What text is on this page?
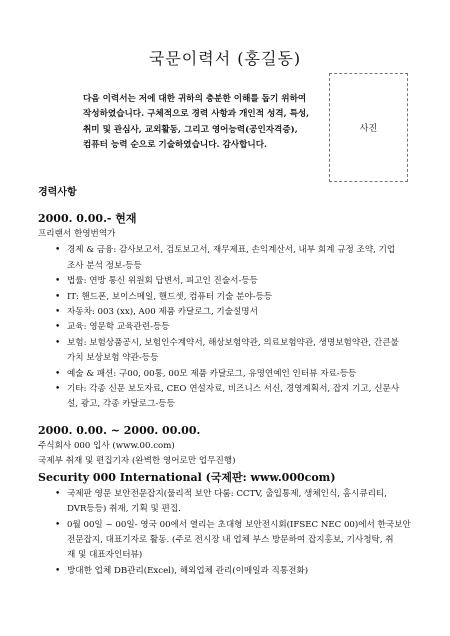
국문이력서 (홍길동)
다음 이력서는 저에 대한 귀하의 충분한 이해를 돕기 위하여
작성하였습니다. 구체적으로 경력 사항과 개인적 성격, 특성,
취미 및 관심사, 교외활동, 그리고 영어능력(공인자격증),
컴퓨터 능력 순으로 기술하였습니다. 감사합니다.
사진
경력사항
2000. 0.00.- 현재
프리랜서 한영번역가
• 경제 & 금융: 감사보고서, 검토보고서, 재무제표, 손익계산서, 내부 회계 규정 조약, 기업
조사 분석 정보-등등
• 법률: 연방 통신 위원회 답변서, 피고인 진술서-등등
• IT: 핸드폰, 보이스메일, 핸드셋, 컴퓨터 기술 분야-등등
• 자동차: 003 (xx), A00 제품 카달로그, 기술설명서
• 교육: 영문학 교육관련-등등
• 보험: 보험상품공시, 보험인수계약서, 해상보험약관, 의료보험약관, 생명보험약관, 간큰불
가치 보상보험 약관-등등
• 예술 & 패션: 구00, 00통, 00모 제품 카달로그, 유명연예인 인터뷰 자료-등등
• 기타: 각종 신문 보도자료, CEO 연설자료, 비즈니스 서신, 경영계획서, 잡지 기고, 신문사
설, 광고, 각종 카달로그-등등
2000. 0.00. ~ 2000. 00.00.
주식회사 000 입사 (www.00.com)
국제부 취재 및 편집기자 (완벽한 영어로만 업무진행)
Security 000 International (국제판: www.000com)
• 국제판 영문 보안전문잡지(물리적 보안 다룸: CCTV, 출입통제, 생체인식, 홈시큐리티,
DVR등등) 취재, 기획 및 편집.
• 0월 00일 ~ 00일- 영국 00에서 열리는 초대형 보안전시회(IFSEC NEC 00)에서 한국보안
전문잡지, 대표기자로 활동. (주로 전시장 내 업체 부스 방문하여 잡지홍보, 기사청탁, 취
재 및 대표자인터뷰)
• 방대한 업체 DB관리(Excel), 해외업체 관리(이메일과 직통전화)
